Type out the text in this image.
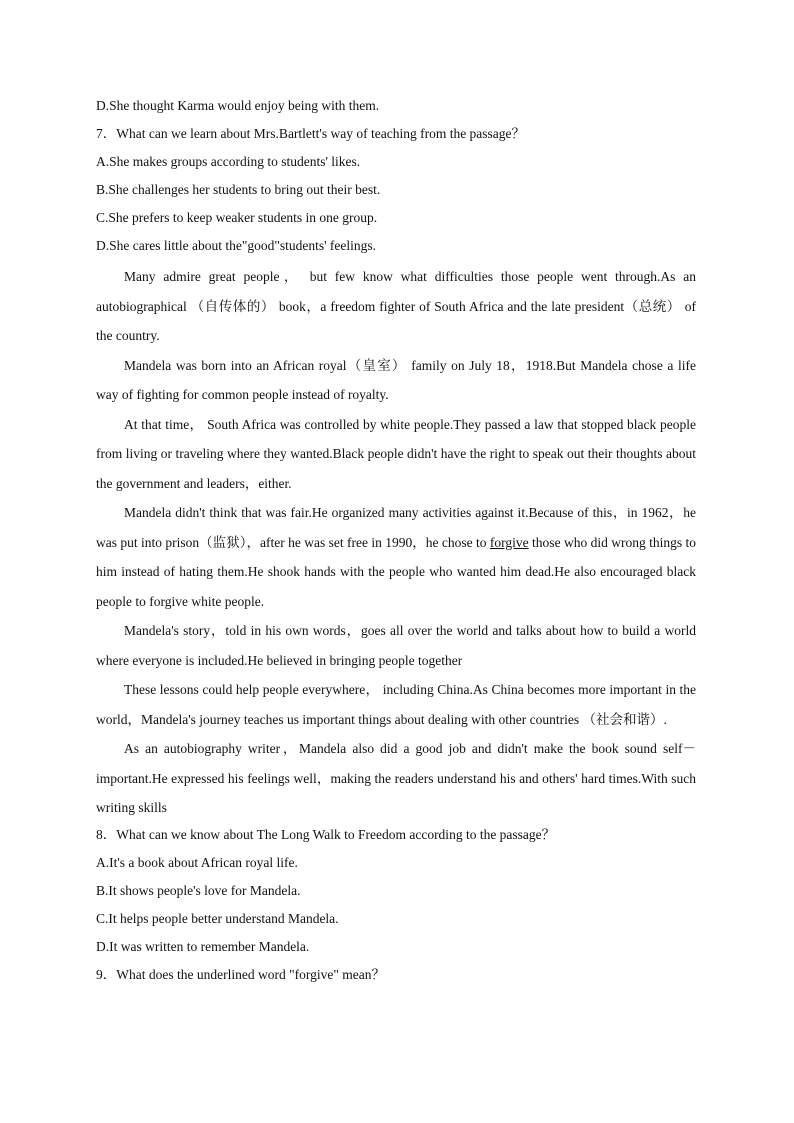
D.She thought Karma would enjoy being with them.
7．What can we learn about Mrs.Bartlett's way of teaching from the passage？
A.She makes groups according to students' likes.
B.She challenges her students to bring out their best.
C.She prefers to keep weaker students in one group.
D.She cares little about the"good"students' feelings.

Many admire great people， but few know what difficulties those people went through.As an autobiographical （自传体的） book，a freedom fighter of South Africa and the late president（总统） of the country.

Mandela was born into an African royal（皇室） family on July 18，1918.But Mandela chose a life way of fighting for common people instead of royalty.

At that time， South Africa was controlled by white people.They passed a law that stopped black people from living or traveling where they wanted.Black people didn't have the right to speak out their thoughts about the government and leaders，either.

Mandela didn't think that was fair.He organized many activities against it.Because of this，in 1962，he was put into prison（监狱），after he was set free in 1990，he chose to forgive those who did wrong things to him instead of hating them.He shook hands with the people who wanted him dead.He also encouraged black people to forgive white people.

Mandela's story，told in his own words，goes all over the world and talks about how to build a world where everyone is included.He believed in bringing people together

These lessons could help people everywhere， including China.As China becomes more important in the world，Mandela's journey teaches us important things about dealing with other countries （社会和谐）.

As an autobiography writer，Mandela also did a good job and didn't make the book sound self－important.He expressed his feelings well，making the readers understand his and others' hard times.With such writing skills

8．What can we know about The Long Walk to Freedom according to the passage？
A.It's a book about African royal life.
B.It shows people's love for Mandela.
C.It helps people better understand Mandela.
D.It was written to remember Mandela.
9．What does the underlined word "forgive" mean？
